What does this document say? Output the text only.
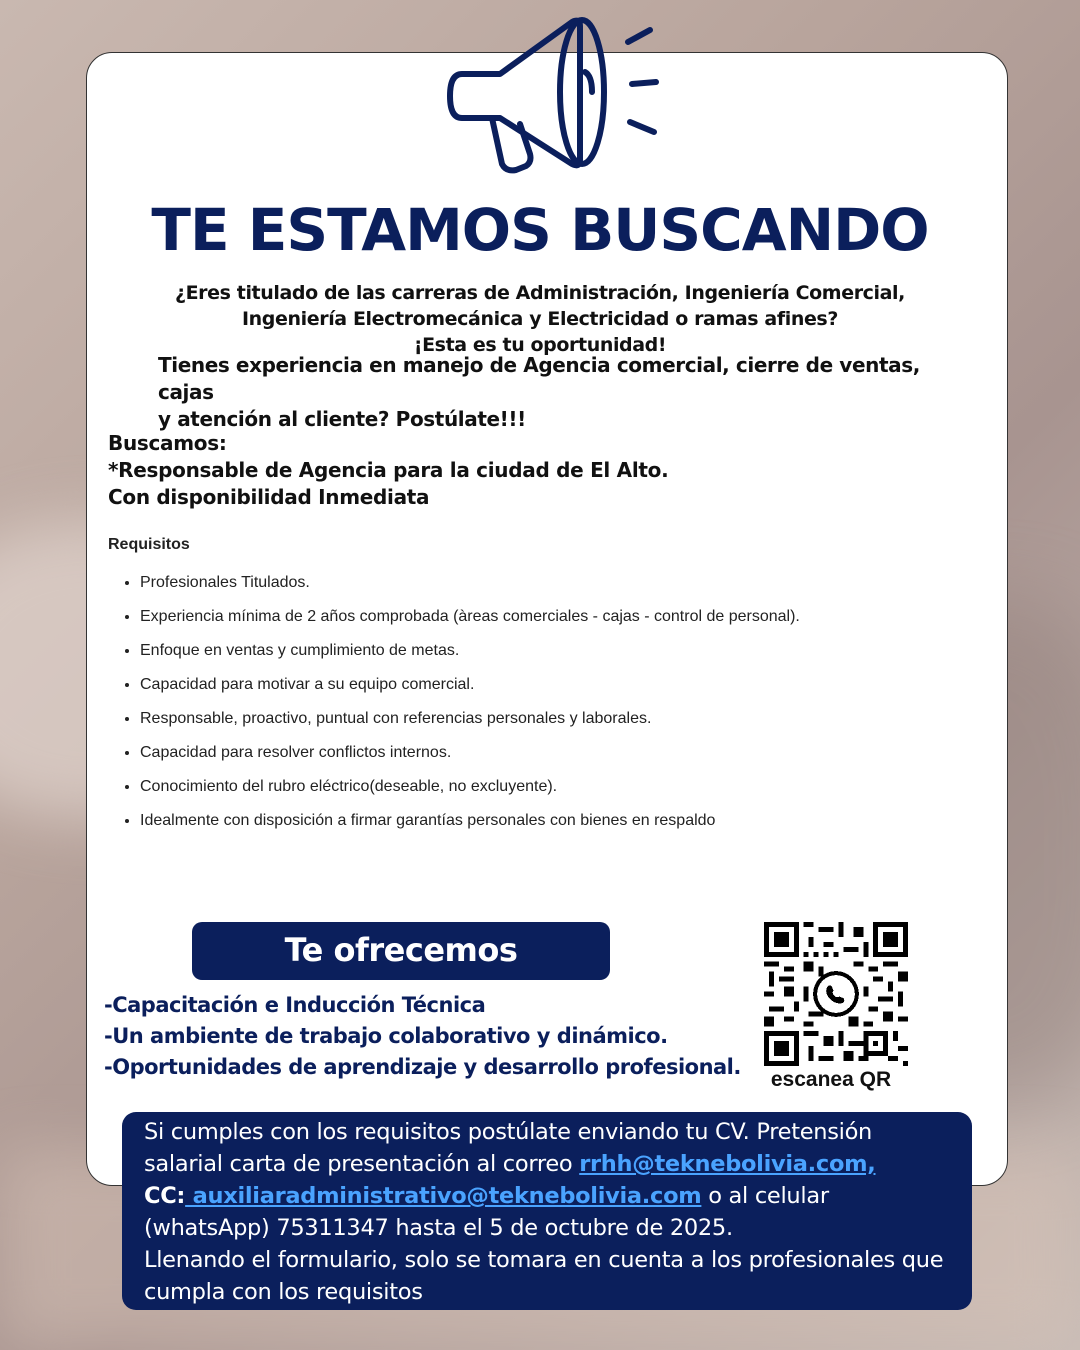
TE ESTAMOS BUSCANDO
¿Eres titulado de las carreras de Administración, Ingeniería Comercial,
Ingeniería Electromecánica y Electricidad o ramas afines?
¡Esta es tu oportunidad!
Tienes experiencia en manejo de Agencia comercial, cierre de ventas, cajas
y atención al cliente? Postúlate!!!
Buscamos:
*Responsable de Agencia para la ciudad de El Alto.
Con disponibilidad Inmediata
Requisitos
• Profesionales Titulados.
• Experiencia mínima de 2 años comprobada (àreas comerciales - cajas - control de personal).
• Enfoque en ventas y cumplimiento de metas.
• Capacidad para motivar a su equipo comercial.
• Responsable, proactivo, puntual con referencias personales y laborales.
• Capacidad para resolver conflictos internos.
• Conocimiento del rubro eléctrico(deseable, no excluyente).
• Idealmente con disposición a firmar garantías personales con bienes en respaldo
Te ofrecemos
-Capacitación e Inducción Técnica
-Un ambiente de trabajo colaborativo y dinámico.
-Oportunidades de aprendizaje y desarrollo profesional.
escanea QR
Si cumples con los requisitos postúlate enviando tu CV. Pretensión salarial carta de presentación al correo rrhh@teknebolivia.com,
CC: auxiliaradministrativo@teknebolivia.com o al celular (whatsApp) 75311347 hasta el 5 de octubre de 2025.
Llenando el formulario, solo se tomara en cuenta a los profesionales que cumpla con los requisitos
